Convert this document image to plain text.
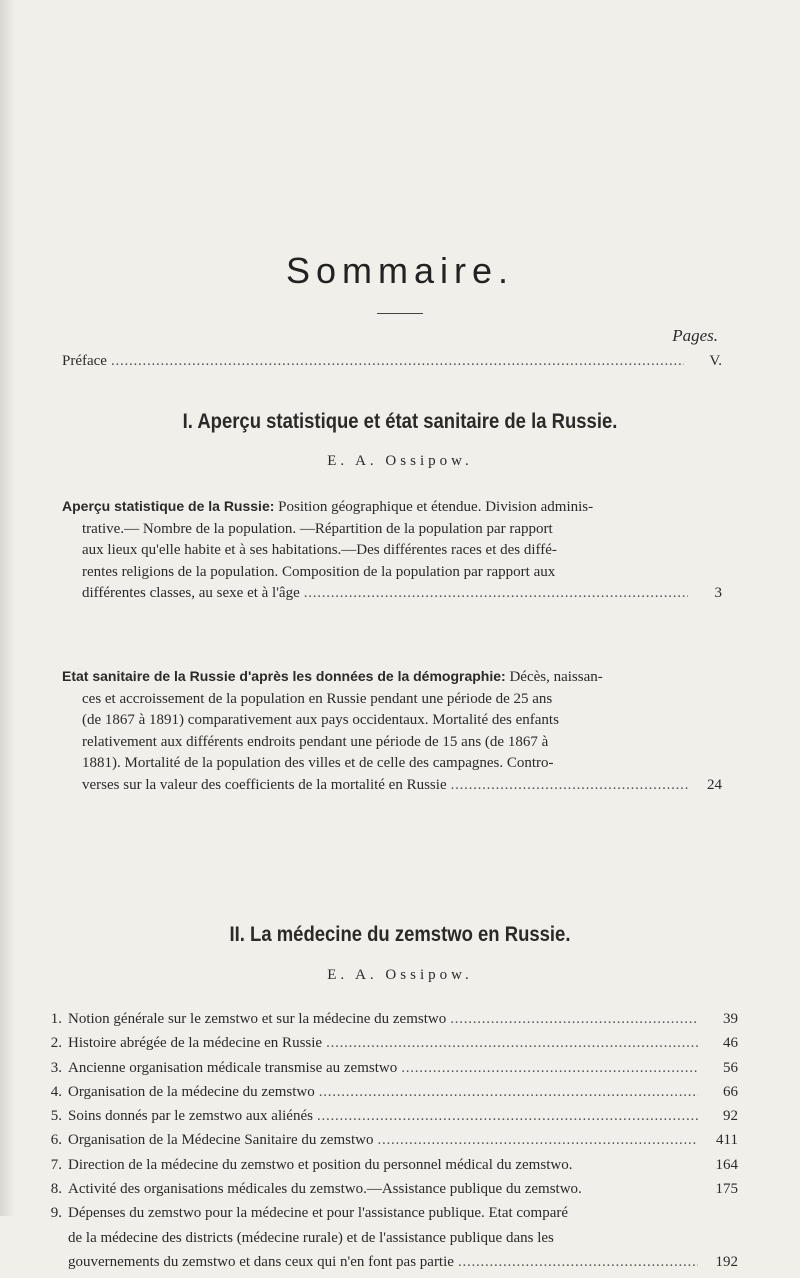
Sommaire.
Pages.
Préface . . .	V.
I. Aperçu statistique et état sanitaire de la Russie.
E. A. Ossipow.
Aperçu statistique de la Russie: Position géographique et étendue. Division adminis-
trative.— Nombre de la population. —Répartition de la population par rapport
aux lieux qu'elle habite et à ses habitations.—Des différentes races et des diffé-
rentes religions de la population. Composition de la population par rapport aux
différentes classes, au sexe et à l'âge . . .	3
Etat sanitaire de la Russie d'après les données de la démographie: Décès, naissan-
ces et accroissement de la population en Russie pendant une période de 25 ans
(de 1867 à 1891) comparativement aux pays occidentaux. Mortalité des enfants
relativement aux différents endroits pendant une période de 15 ans (de 1867 à
1881). Mortalité de la population des villes et de celle des campagnes. Contro-
verses sur la valeur des coefficients de la mortalité en Russie . . .	24
II. La médecine du zemstwo en Russie.
E. A. Ossipow.
1. Notion générale sur le zemstwo et sur la médecine du zemstwo . . .	39
2. Histoire abrégée de la médecine en Russie . . .	46
3. Ancienne organisation médicale transmise au zemstwo . . .	56
4. Organisation de la médecine du zemstwo . . .	66
5. Soins donnés par le zemstwo aux aliénés . . .	92
6. Organisation de la Médecine Sanitaire du zemstwo . . .	411
7. Direction de la médecine du zemstwo et position du personnel médical du zemstwo.	164
8. Activité des organisations médicales du zemstwo.—Assistance publique du zemstwo.	175
9. Dépenses du zemstwo pour la médecine et pour l'assistance publique. Etat comparé
de la médecine des districts (médecine rurale) et de l'assistance publique dans les
gouvernements du zemstwo et dans ceux qui n'en font pas partie . . .	192
